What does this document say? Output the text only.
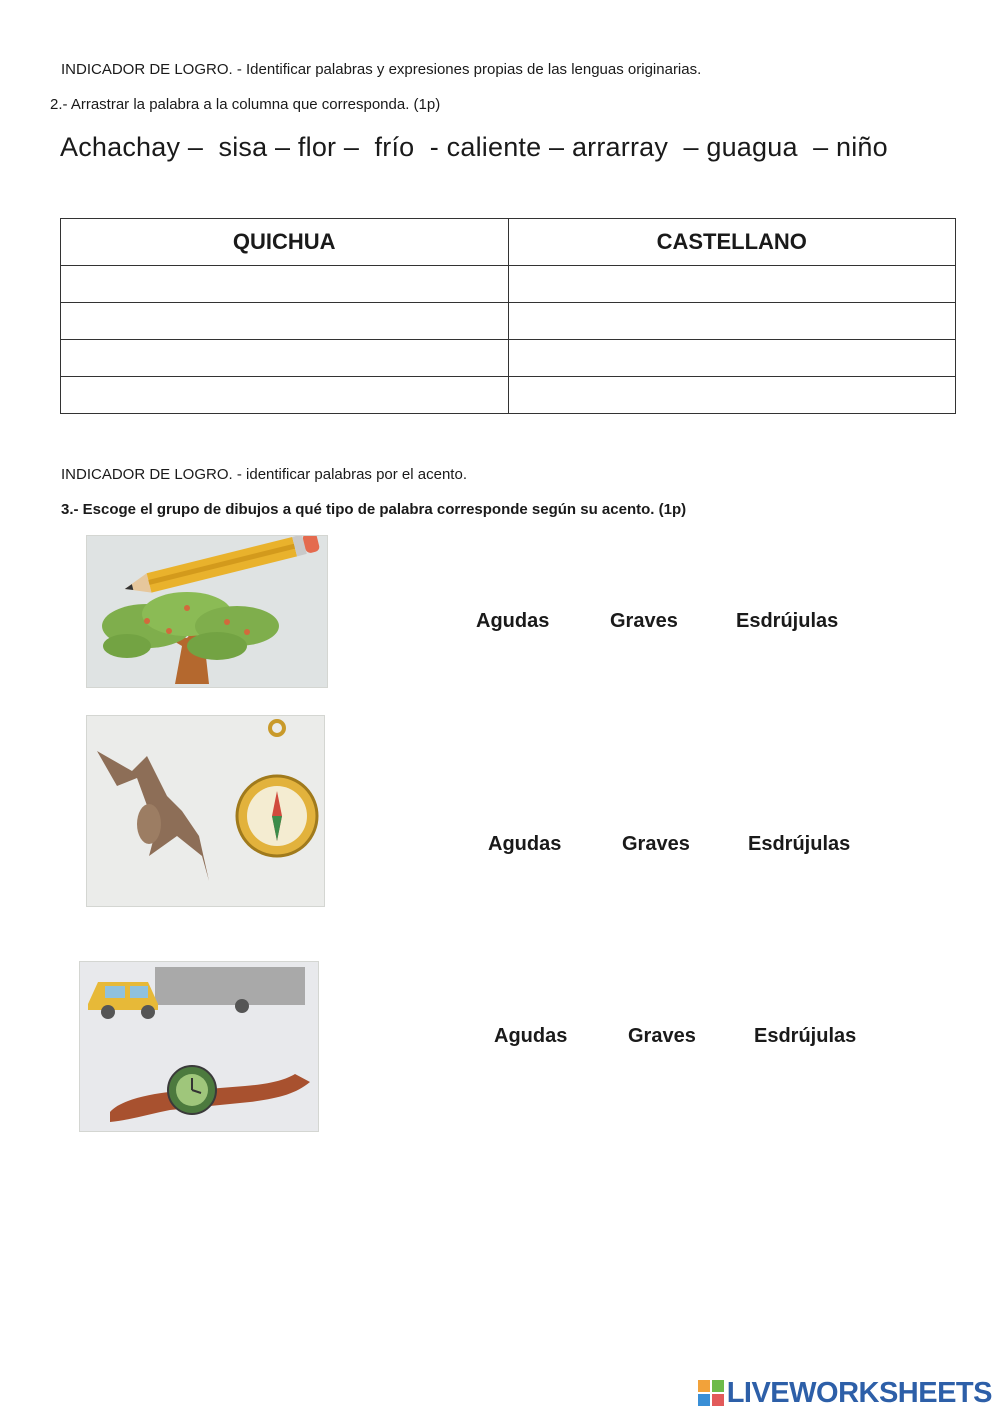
INDICADOR DE LOGRO. - Identificar palabras y expresiones propias de las lenguas originarias.
2.- Arrastrar la palabra a la columna que corresponda. (1p)
Achachay –  sisa – flor –  frío  - caliente – arrarray  – guagua  – niño
QUICHUA	CASTELLANO

INDICADOR DE LOGRO. - identificar palabras por el acento.
3.- Escoge el grupo de dibujos a qué tipo de palabra corresponde según su acento. (1p)
Agudas	Graves	Esdrújulas
Agudas	Graves	Esdrújulas
Agudas	Graves	Esdrújulas
LIVEWORKSHEETS
